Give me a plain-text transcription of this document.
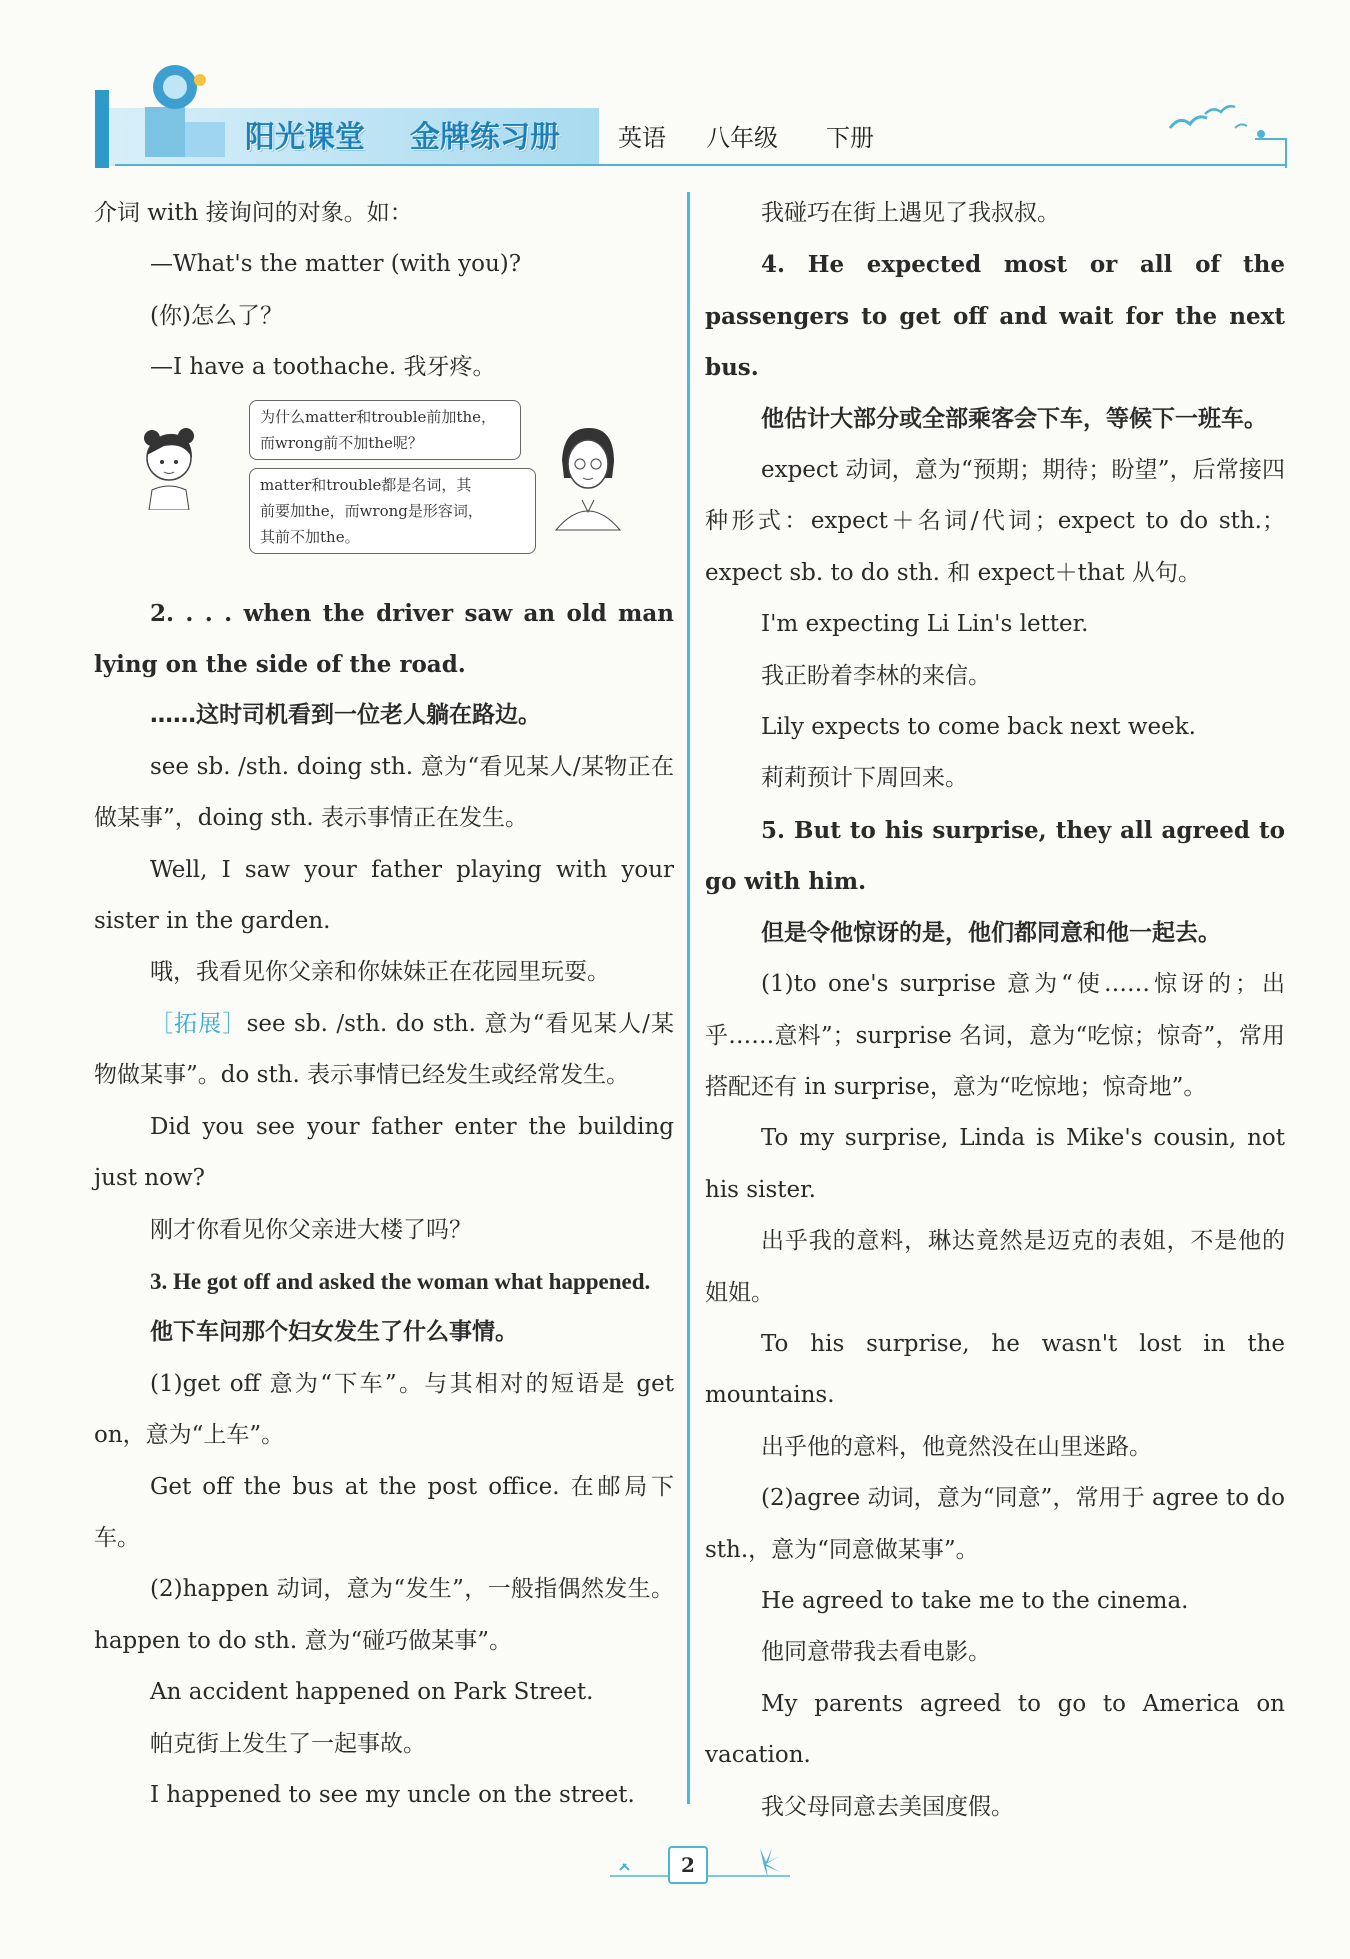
阳光课堂 金牌练习册 英语 八年级 下册

介词 with 接询问的对象。如：

—What's the matter (with you)?

(你)怎么了？

—I have a toothache. 我牙疼。

为什么matter和trouble前加the，
而wrong前不加the呢？
matter和trouble都是名词，其
前要加the，而wrong是形容词，
其前不加the。

2. . . . when the driver saw an old man lying on the side of the road.

……这时司机看到一位老人躺在路边。

see sb. /sth. doing sth. 意为“看见某人/某物正在做某事”，doing sth. 表示事情正在发生。

Well, I saw your father playing with your sister in the garden.

哦，我看见你父亲和你妹妹正在花园里玩耍。

［拓展］see sb. /sth. do sth. 意为“看见某人/某物做某事”。do sth. 表示事情已经发生或经常发生。

Did you see your father enter the building just now?

刚才你看见你父亲进大楼了吗？

3. He got off and asked the woman what happened.

他下车问那个妇女发生了什么事情。

(1)get off 意为“下车”。与其相对的短语是 get on，意为“上车”。

Get off the bus at the post office. 在邮局下车。

(2)happen 动词，意为“发生”，一般指偶然发生。happen to do sth. 意为“碰巧做某事”。

An accident happened on Park Street.

帕克街上发生了一起事故。

I happened to see my uncle on the street.

我碰巧在街上遇见了我叔叔。

4. He expected most or all of the passengers to get off and wait for the next bus.

他估计大部分或全部乘客会下车，等候下一班车。

expect 动词，意为“预期；期待；盼望”，后常接四种形式：expect＋名词/代词；expect to do sth.；expect sb. to do sth. 和 expect＋that 从句。

I'm expecting Li Lin's letter.

我正盼着李林的来信。

Lily expects to come back next week.

莉莉预计下周回来。

5. But to his surprise, they all agreed to go with him.

但是令他惊讶的是，他们都同意和他一起去。

(1)to one's surprise 意为“使……惊讶的；出乎……意料”；surprise 名词，意为“吃惊；惊奇”，常用搭配还有 in surprise，意为“吃惊地；惊奇地”。

To my surprise, Linda is Mike's cousin, not his sister.

出乎我的意料，琳达竟然是迈克的表姐，不是他的姐姐。

To his surprise, he wasn't lost in the mountains.

出乎他的意料，他竟然没在山里迷路。

(2)agree 动词，意为“同意”，常用于 agree to do sth.，意为“同意做某事”。

He agreed to take me to the cinema.

他同意带我去看电影。

My parents agreed to go to America on vacation.

我父母同意去美国度假。

2
